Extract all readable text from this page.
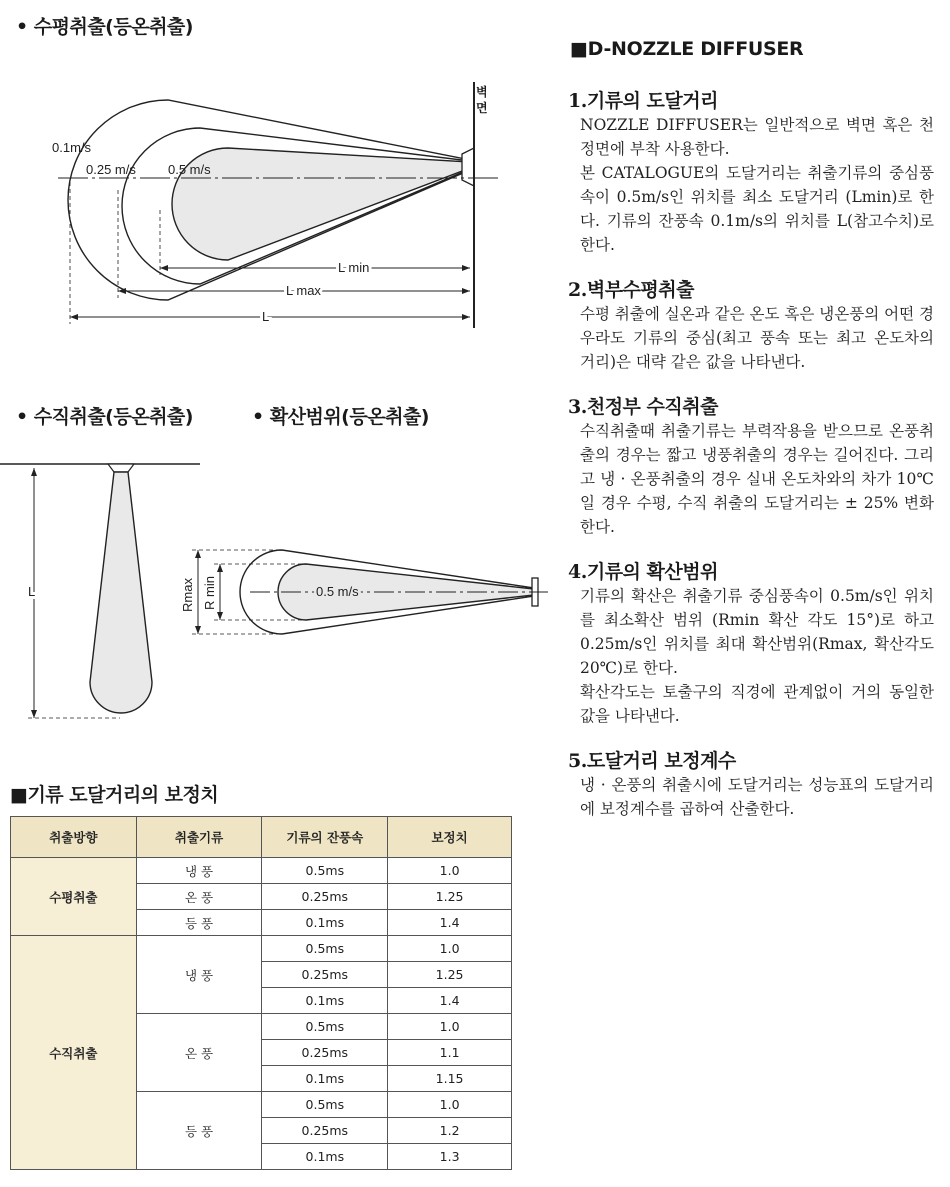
• 수평취출(등온취출)
0.1m/s
0.25 m/s 0.5 m/s
L min
L max
L
벽면
• 수직취출(등온취출)	• 확산범위(등온취출)
L	Rmax R min	0.5 m/s
■기류 도달거리의 보정치
취출방향	취출기류	기류의 잔풍속	보정치
수평취출	냉 풍	0.5ms	1.0
	온 풍	0.25ms	1.25
	등 풍	0.1ms	1.4
수직취출	냉 풍	0.5ms	1.0
		0.25ms	1.25
		0.1ms	1.4
	온 풍	0.5ms	1.0
		0.25ms	1.1
		0.1ms	1.15
	등 풍	0.5ms	1.0
		0.25ms	1.2
		0.1ms	1.3
■D-NOZZLE DIFFUSER
1.기류의 도달거리
NOZZLE DIFFUSER는 일반적으로 벽면 혹은 천정면에 부착 사용한다.
본 CATALOGUE의 도달거리는 취출기류의 중심풍속이 0.5m/s인 위치를 최소 도달거리 (Lmin)로 한다. 기류의 잔풍속 0.1m/s의 위치를 L(참고수치)로 한다.
2.벽부수평취출
수평 취출에 실온과 같은 온도 혹은 냉온풍의 어떤 경우라도 기류의 중심(최고 풍속 또는 최고 온도차의 거리)은 대략 같은 값을 나타낸다.
3.천정부 수직취출
수직취출때 취출기류는 부력작용을 받으므로 온풍취출의 경우는 짧고 냉풍취출의 경우는 길어진다. 그리고 냉 · 온풍취출의 경우 실내 온도차와의 차가 10℃일 경우 수평, 수직 취출의 도달거리는 ± 25% 변화한다.
4.기류의 확산범위
기류의 확산은 취출기류 중심풍속이 0.5m/s인 위치를 최소확산 범위 (Rmin 확산 각도 15°)로 하고 0.25m/s인 위치를 최대 확산범위(Rmax, 확산각도 20℃)로 한다.
확산각도는 토출구의 직경에 관계없이 거의 동일한 값을 나타낸다.
5.도달거리 보정계수
냉 · 온풍의 취출시에 도달거리는 성능표의 도달거리에 보정계수를 곱하여 산출한다.
